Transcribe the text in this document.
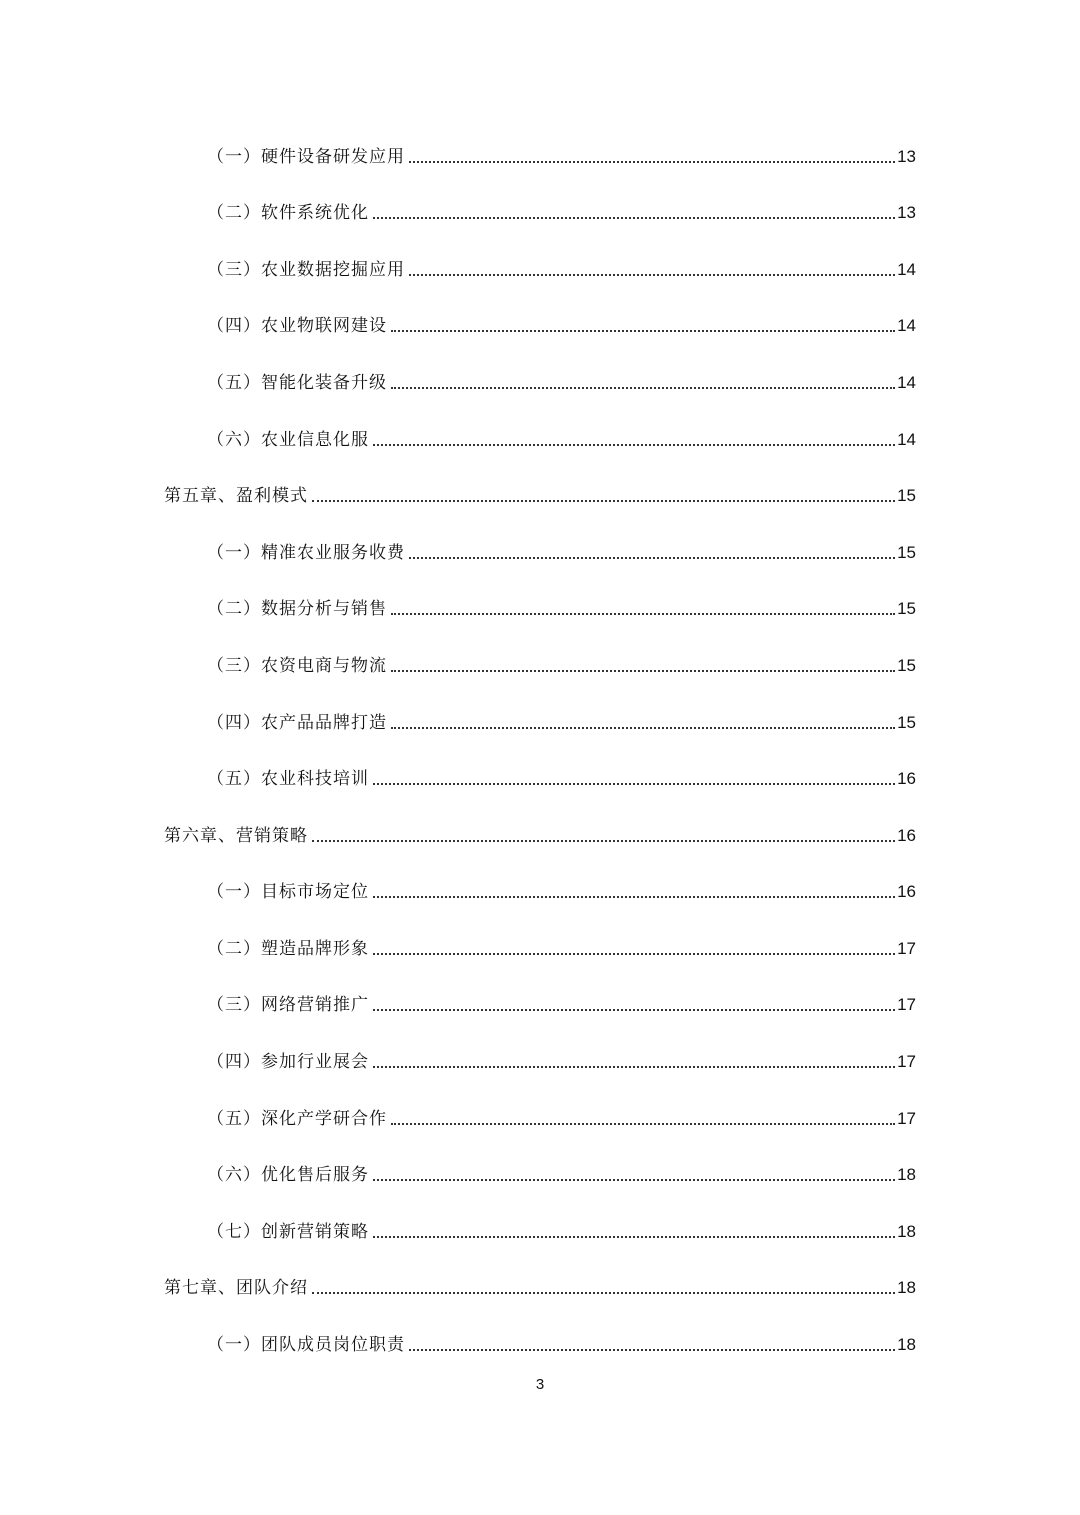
（一）硬件设备研发应用	13
（二）软件系统优化	13
（三）农业数据挖掘应用	14
（四）农业物联网建设	14
（五）智能化装备升级	14
（六）农业信息化服	14
第五章、盈利模式	15
（一）精准农业服务收费	15
（二）数据分析与销售	15
（三）农资电商与物流	15
（四）农产品品牌打造	15
（五）农业科技培训	16
第六章、营销策略	16
（一）目标市场定位	16
（二）塑造品牌形象	17
（三）网络营销推广	17
（四）参加行业展会	17
（五）深化产学研合作	17
（六）优化售后服务	18
（七）创新营销策略	18
第七章、团队介绍	18
（一）团队成员岗位职责	18
3
